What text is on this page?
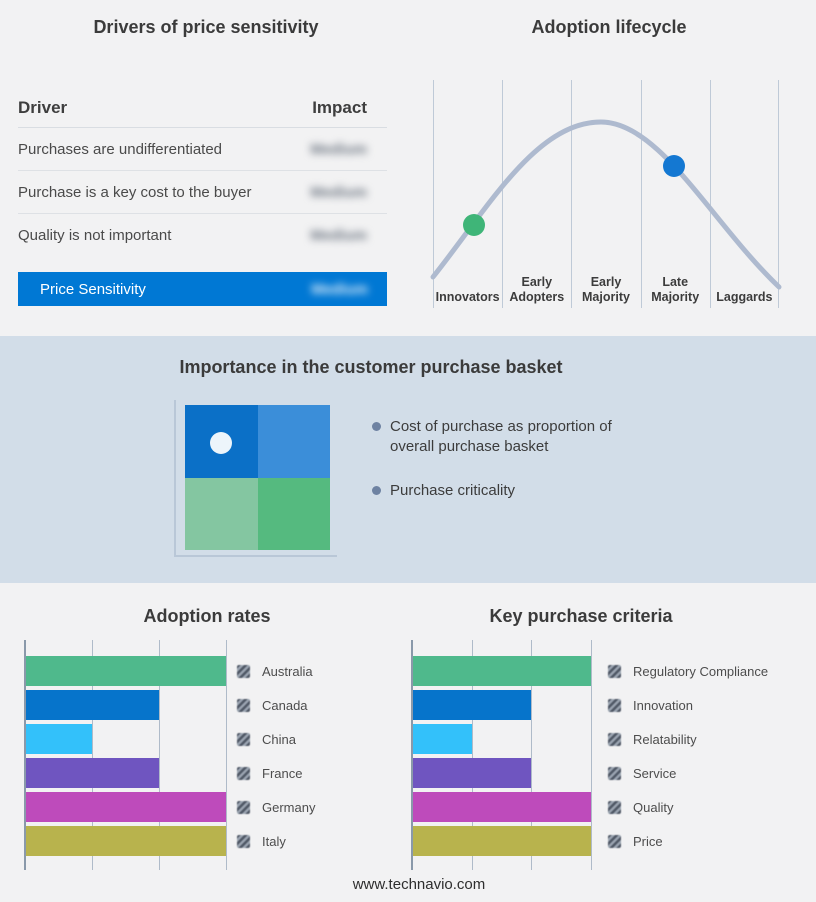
Drivers of price sensitivity	Adoption lifecycle
Importance in the customer purchase basket
Adoption rates	Key purchase criteria
Driver	Impact
Purchases are undifferentiated	Medium
Purchase is a key cost to the buyer	Medium
Quality is not important	Medium
Price Sensitivity	Medium	Innovators
Early Adopters
Early Majority
Late Majority	Laggards
Cost of purchase as proportion of overall purchase basket
Purchase criticality
Australia
Canada
China
France
Germany
Italy
Regulatory Compliance
Innovation
Relatability
Service
Quality
Price
www.technavio.com
